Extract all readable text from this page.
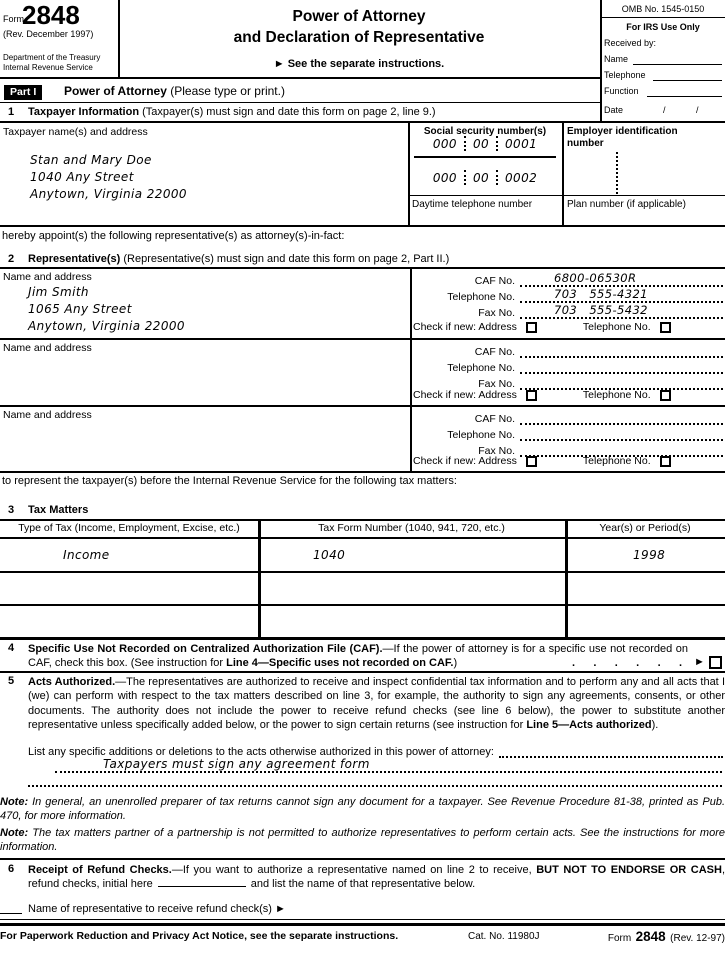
Form
2848
(Rev. December 1997)
Department of the Treasury
Internal Revenue Service
Power of Attorney
and Declaration of Representative
► See the separate instructions.
OMB No. 1545-0150
For IRS Use Only
Received by:
Name
Telephone
Function
Date	/	/
Part I	Power of Attorney (Please type or print.)
1 Taxpayer Information (Taxpayer(s) must sign and date this form on page 2, line 9.)
Taxpayer name(s) and address
Stan and Mary Doe
1040 Any Street
Anytown, Virginia 22000
Social security number(s)
000 00 0001
000 00 0002
Employer identification number
Daytime telephone number	Plan number (if applicable)
hereby appoint(s) the following representative(s) as attorney(s)-in-fact:
2 Representative(s) (Representative(s) must sign and date this form on page 2, Part II.)
Name and address
Jim Smith
1065 Any Street
Anytown, Virginia 22000
CAF No.	6800-06530R
Telephone No.	703   555-4321
Fax No.	703   555-5432
Check if new: Address	Telephone No.
Name and address	CAF No.
Telephone No.
Fax No.
Check if new: Address	Telephone No.
Name and address	CAF No.
Telephone No.
Fax No.
Check if new: Address	Telephone No.
to represent the taxpayer(s) before the Internal Revenue Service for the following tax matters:
3 Tax Matters
Type of Tax (Income, Employment, Excise, etc.)	Tax Form Number (1040, 941, 720, etc.)	Year(s) or Period(s)
Income	1040	1998
4 Specific Use Not Recorded on Centralized Authorization File (CAF).—If the power of attorney is for a specific use not recorded on CAF, check this box. (See instruction for Line 4—Specific uses not recorded on CAF.)	.      .      .      .      .      . ►
5 Acts Authorized.—The representatives are authorized to receive and inspect confidential tax information and to perform any and all acts that I (we) can perform with respect to the tax matters described on line 3, for example, the authority to sign any agreements, consents, or other documents. The authority does not include the power to receive refund checks (see line 6 below), the power to substitute another representative unless specifically added below, or the power to sign certain returns (see instruction for Line 5—Acts authorized).
List any specific additions or deletions to the acts otherwise authorized in this power of attorney:
Taxpayers must sign any agreement form
Note: In general, an unenrolled preparer of tax returns cannot sign any document for a taxpayer. See Revenue Procedure 81-38, printed as Pub. 470, for more information.
Note: The tax matters partner of a partnership is not permitted to authorize representatives to perform certain acts. See the instructions for more information.
6 Receipt of Refund Checks.—If you want to authorize a representative named on line 2 to receive, BUT NOT TO ENDORSE OR CASH, refund checks, initial here	and list the name of that representative below.
Name of representative to receive refund check(s) ►
For Paperwork Reduction and Privacy Act Notice, see the separate instructions.	Cat. No. 11980J	Form 2848 (Rev. 12-97)
